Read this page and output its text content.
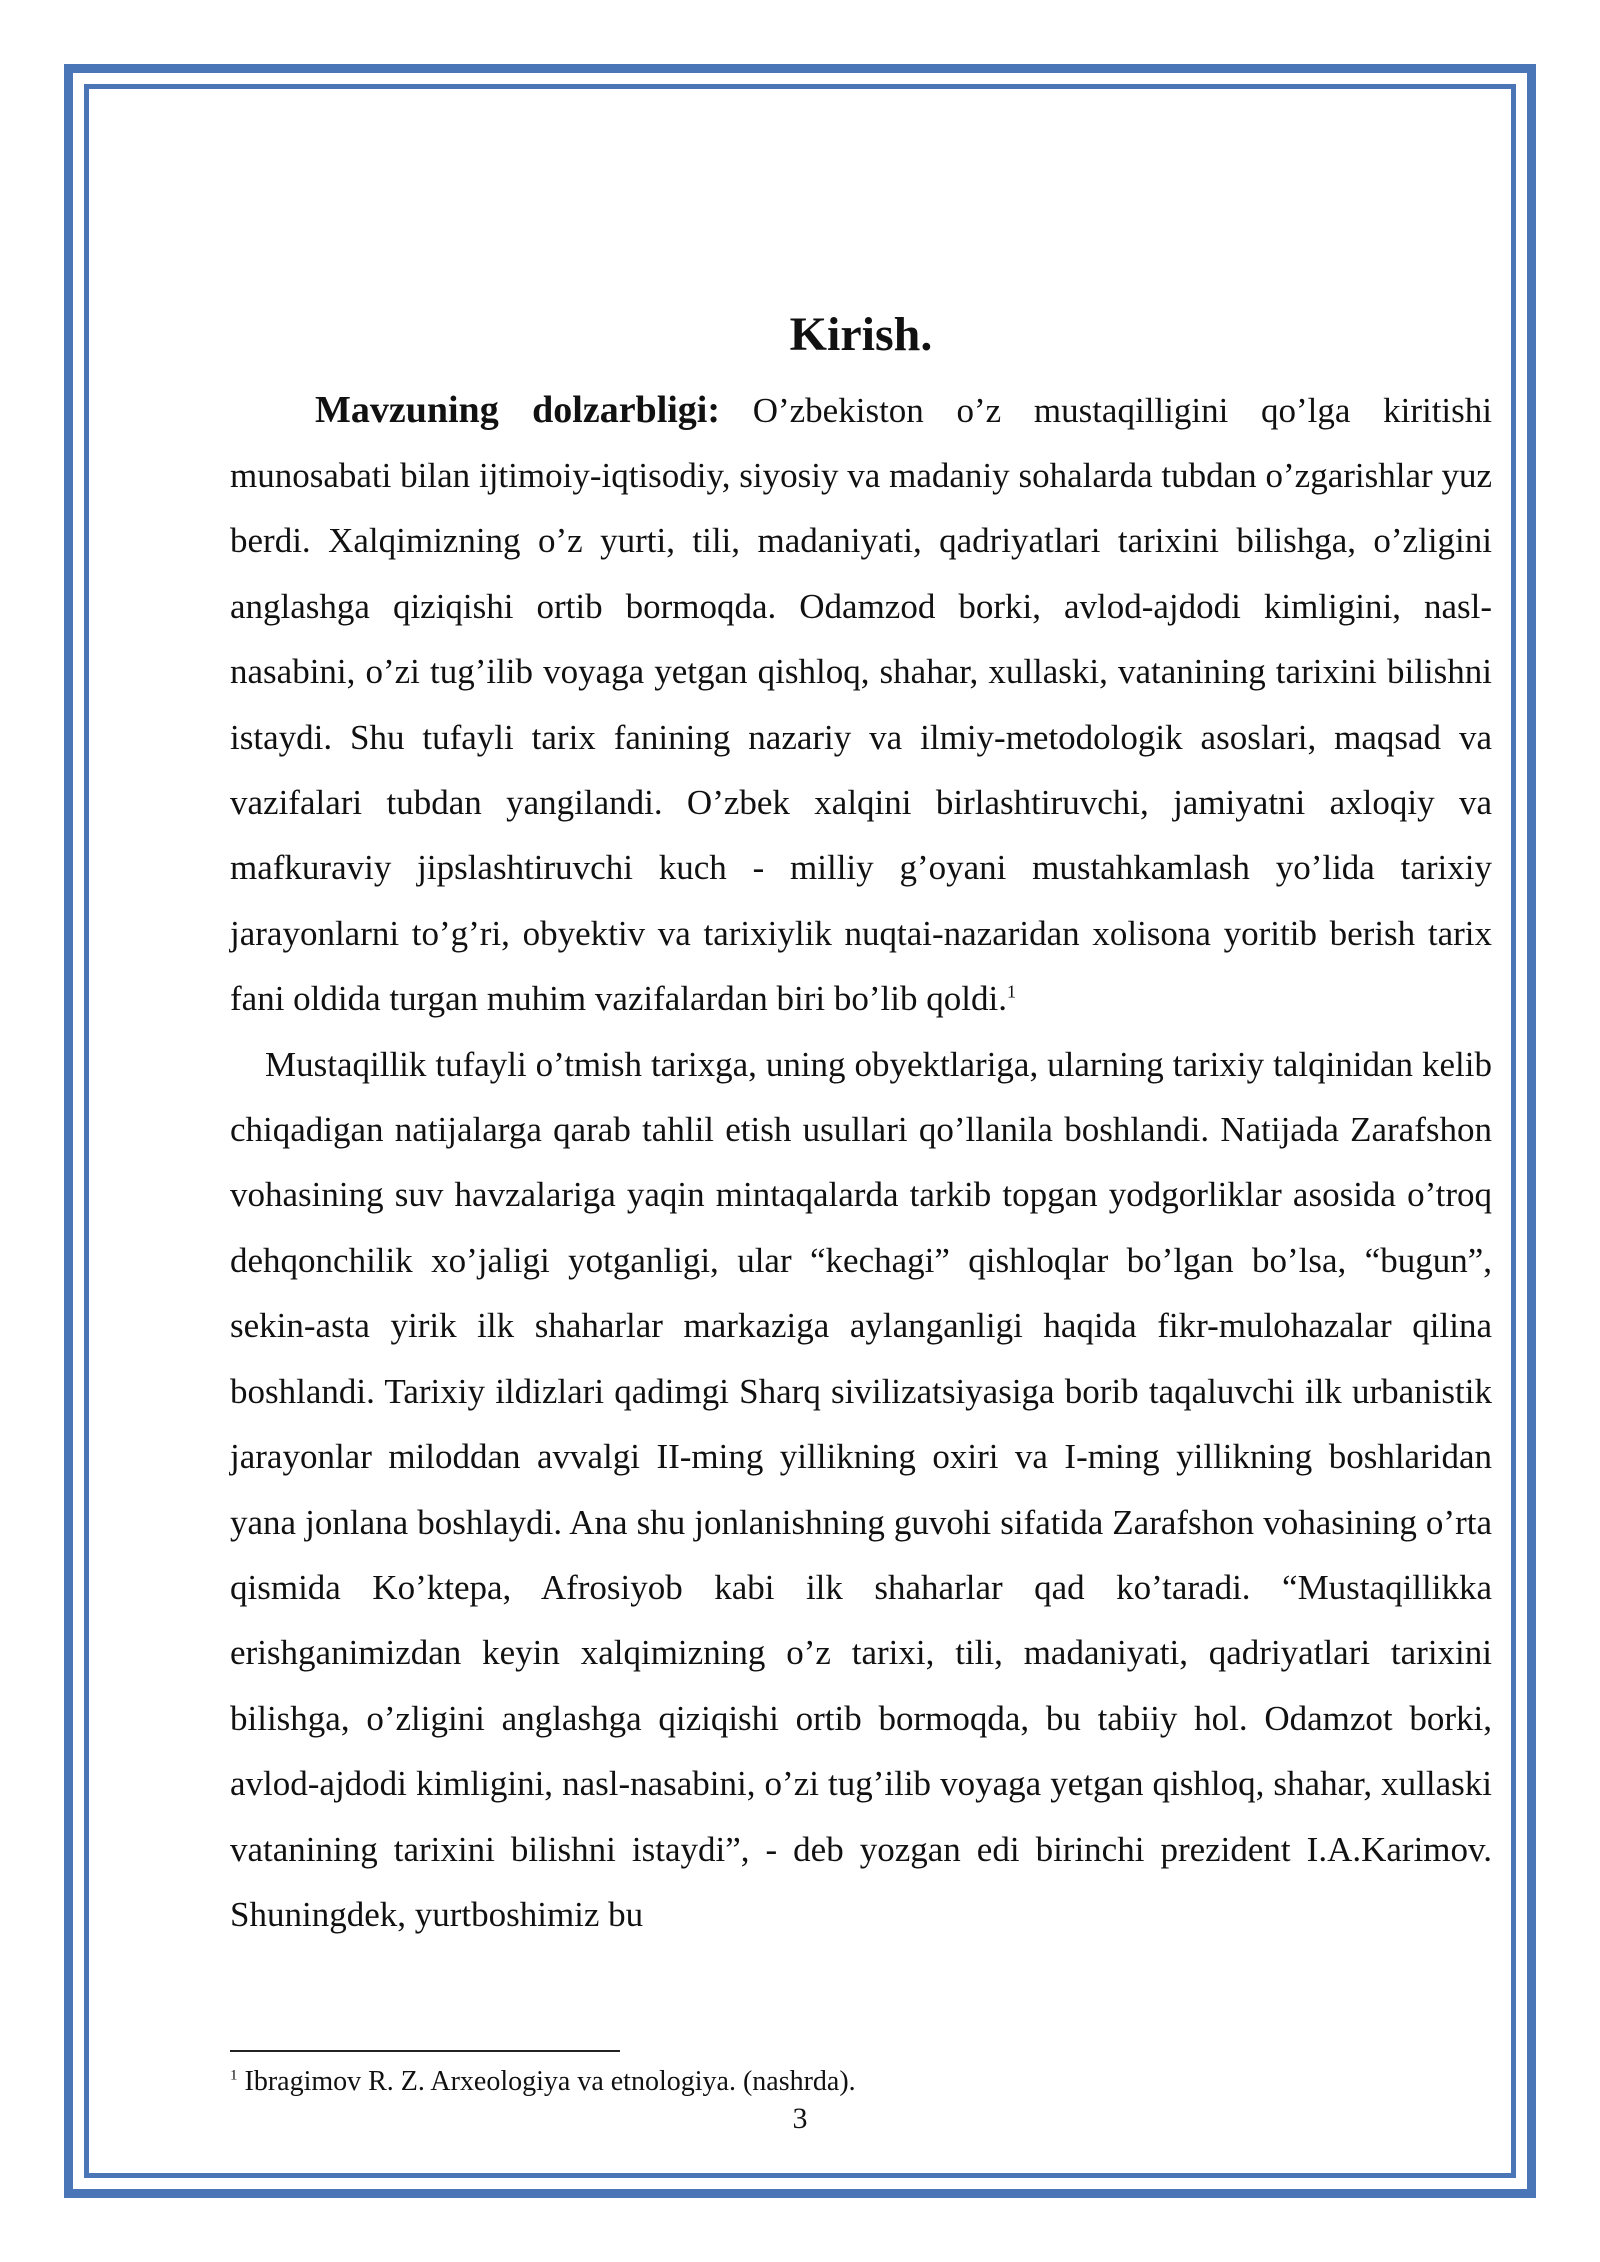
Kirish.

Mavzuning dolzarbligi: O’zbekiston o’z mustaqilligini qo’lga kiritishi munosabati bilan ijtimoiy-iqtisodiy, siyosiy va madaniy sohalarda tubdan o’zgarishlar yuz berdi. Xalqimizning o’z yurti, tili, madaniyati, qadriyatlari tarixini bilishga, o’zligini anglashga qiziqishi ortib bormoqda. Odamzod borki, avlod-ajdodi kimligini, nasl-nasabini, o’zi tug’ilib voyaga yetgan qishloq, shahar, xullaski, vatanining tarixini bilishni istaydi. Shu tufayli tarix fanining nazariy va ilmiy-metodologik asoslari, maqsad va vazifalari tubdan yangilandi. O’zbek xalqini birlashtiruvchi, jamiyatni axloqiy va mafkuraviy jipslashtiruvchi kuch - milliy g’oyani mustahkamlash yo’lida tarixiy jarayonlarni to’g’ri, obyektiv va tarixiylik nuqtai-nazaridan xolisona yoritib berish tarix fani oldida turgan muhim vazifalardan biri bo’lib qoldi.$^1$

Mustaqillik tufayli o’tmish tarixga, uning obyektlariga, ularning tarixiy talqinidan kelib chiqadigan natijalarga qarab tahlil etish usullari qo’llanila boshlandi. Natijada Zarafshon vohasining suv havzalariga yaqin mintaqalarda tarkib topgan yodgorliklar asosida o’troq dehqonchilik xo’jaligi yotganligi, ular “kechagi” qishloqlar bo’lgan bo’lsa, “bugun”, sekin-asta yirik ilk shaharlar markaziga aylanganligi haqida fikr-mulohazalar qilina boshlandi. Tarixiy ildizlari qadimgi Sharq sivilizatsiyasiga borib taqaluvchi ilk urbanistik jarayonlar miloddan avvalgi II-ming yillikning oxiri va I-ming yillikning boshlaridan yana jonlana boshlaydi. Ana shu jonlanishning guvohi sifatida Zarafshon vohasining o’rta qismida Ko’ktepa, Afrosiyob kabi ilk shaharlar qad ko’taradi. “Mustaqillikka erishganimizdan keyin xalqimizning o’z tarixi, tili, madaniyati, qadriyatlari tarixini bilishga, o’zligini anglashga qiziqishi ortib bormoqda, bu tabiiy hol. Odamzot borki, avlod-ajdodi kimligini, nasl-nasabini, o’zi tug’ilib voyaga yetgan qishloq, shahar, xullaski vatanining tarixini bilishni istaydi”, - deb yozgan edi birinchi prezident I.A.Karimov. Shuningdek, yurtboshimiz bu

$^1$ Ibragimov R. Z. Arxeologiya va etnologiya. (nashrda).
3
